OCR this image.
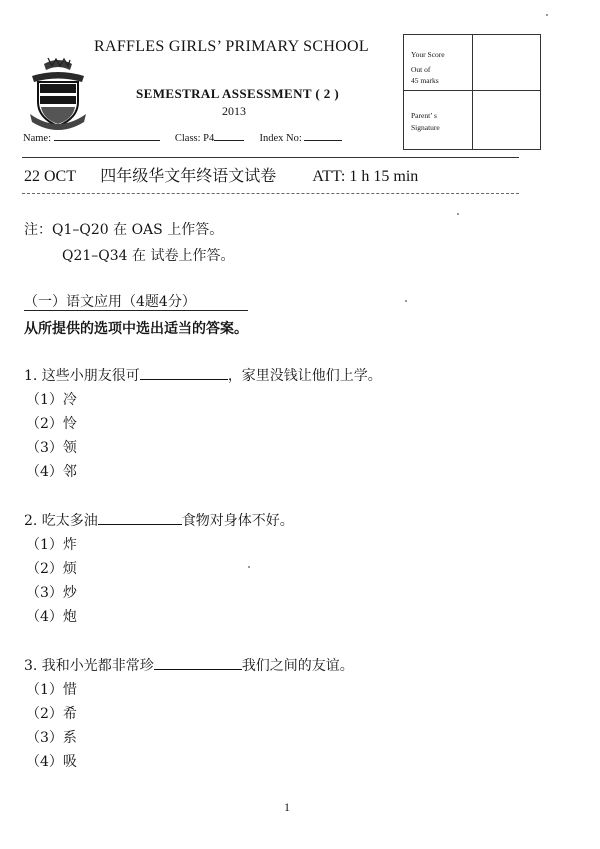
RAFFLES GIRLS’ PRIMARY SCHOOL
SEMESTRAL ASSESSMENT ( 2 )
2013
Name:	Class: P4	Index No:
Your Score
Out of
45 marks
Parent’ s
Signature
22 OCT 四年级华文年终语文试卷 ATT: 1 h 15 min
注：Q1–Q20 在 OAS 上作答。
Q21–Q34 在 试卷上作答。
（一）语文应用（4题4分）
从所提供的选项中选出适当的答案。
1. 这些小朋友很可	，家里没钱让他们上学。
（1）冷
（2）怜
（3）领
（4）邻
2. 吃太多油	食物对身体不好。
（1）炸
（2）烦
（3）炒
（4）炮
3. 我和小光都非常珍	我们之间的友谊。
（1）惜
（2）希
（3）系
（4）吸
1
